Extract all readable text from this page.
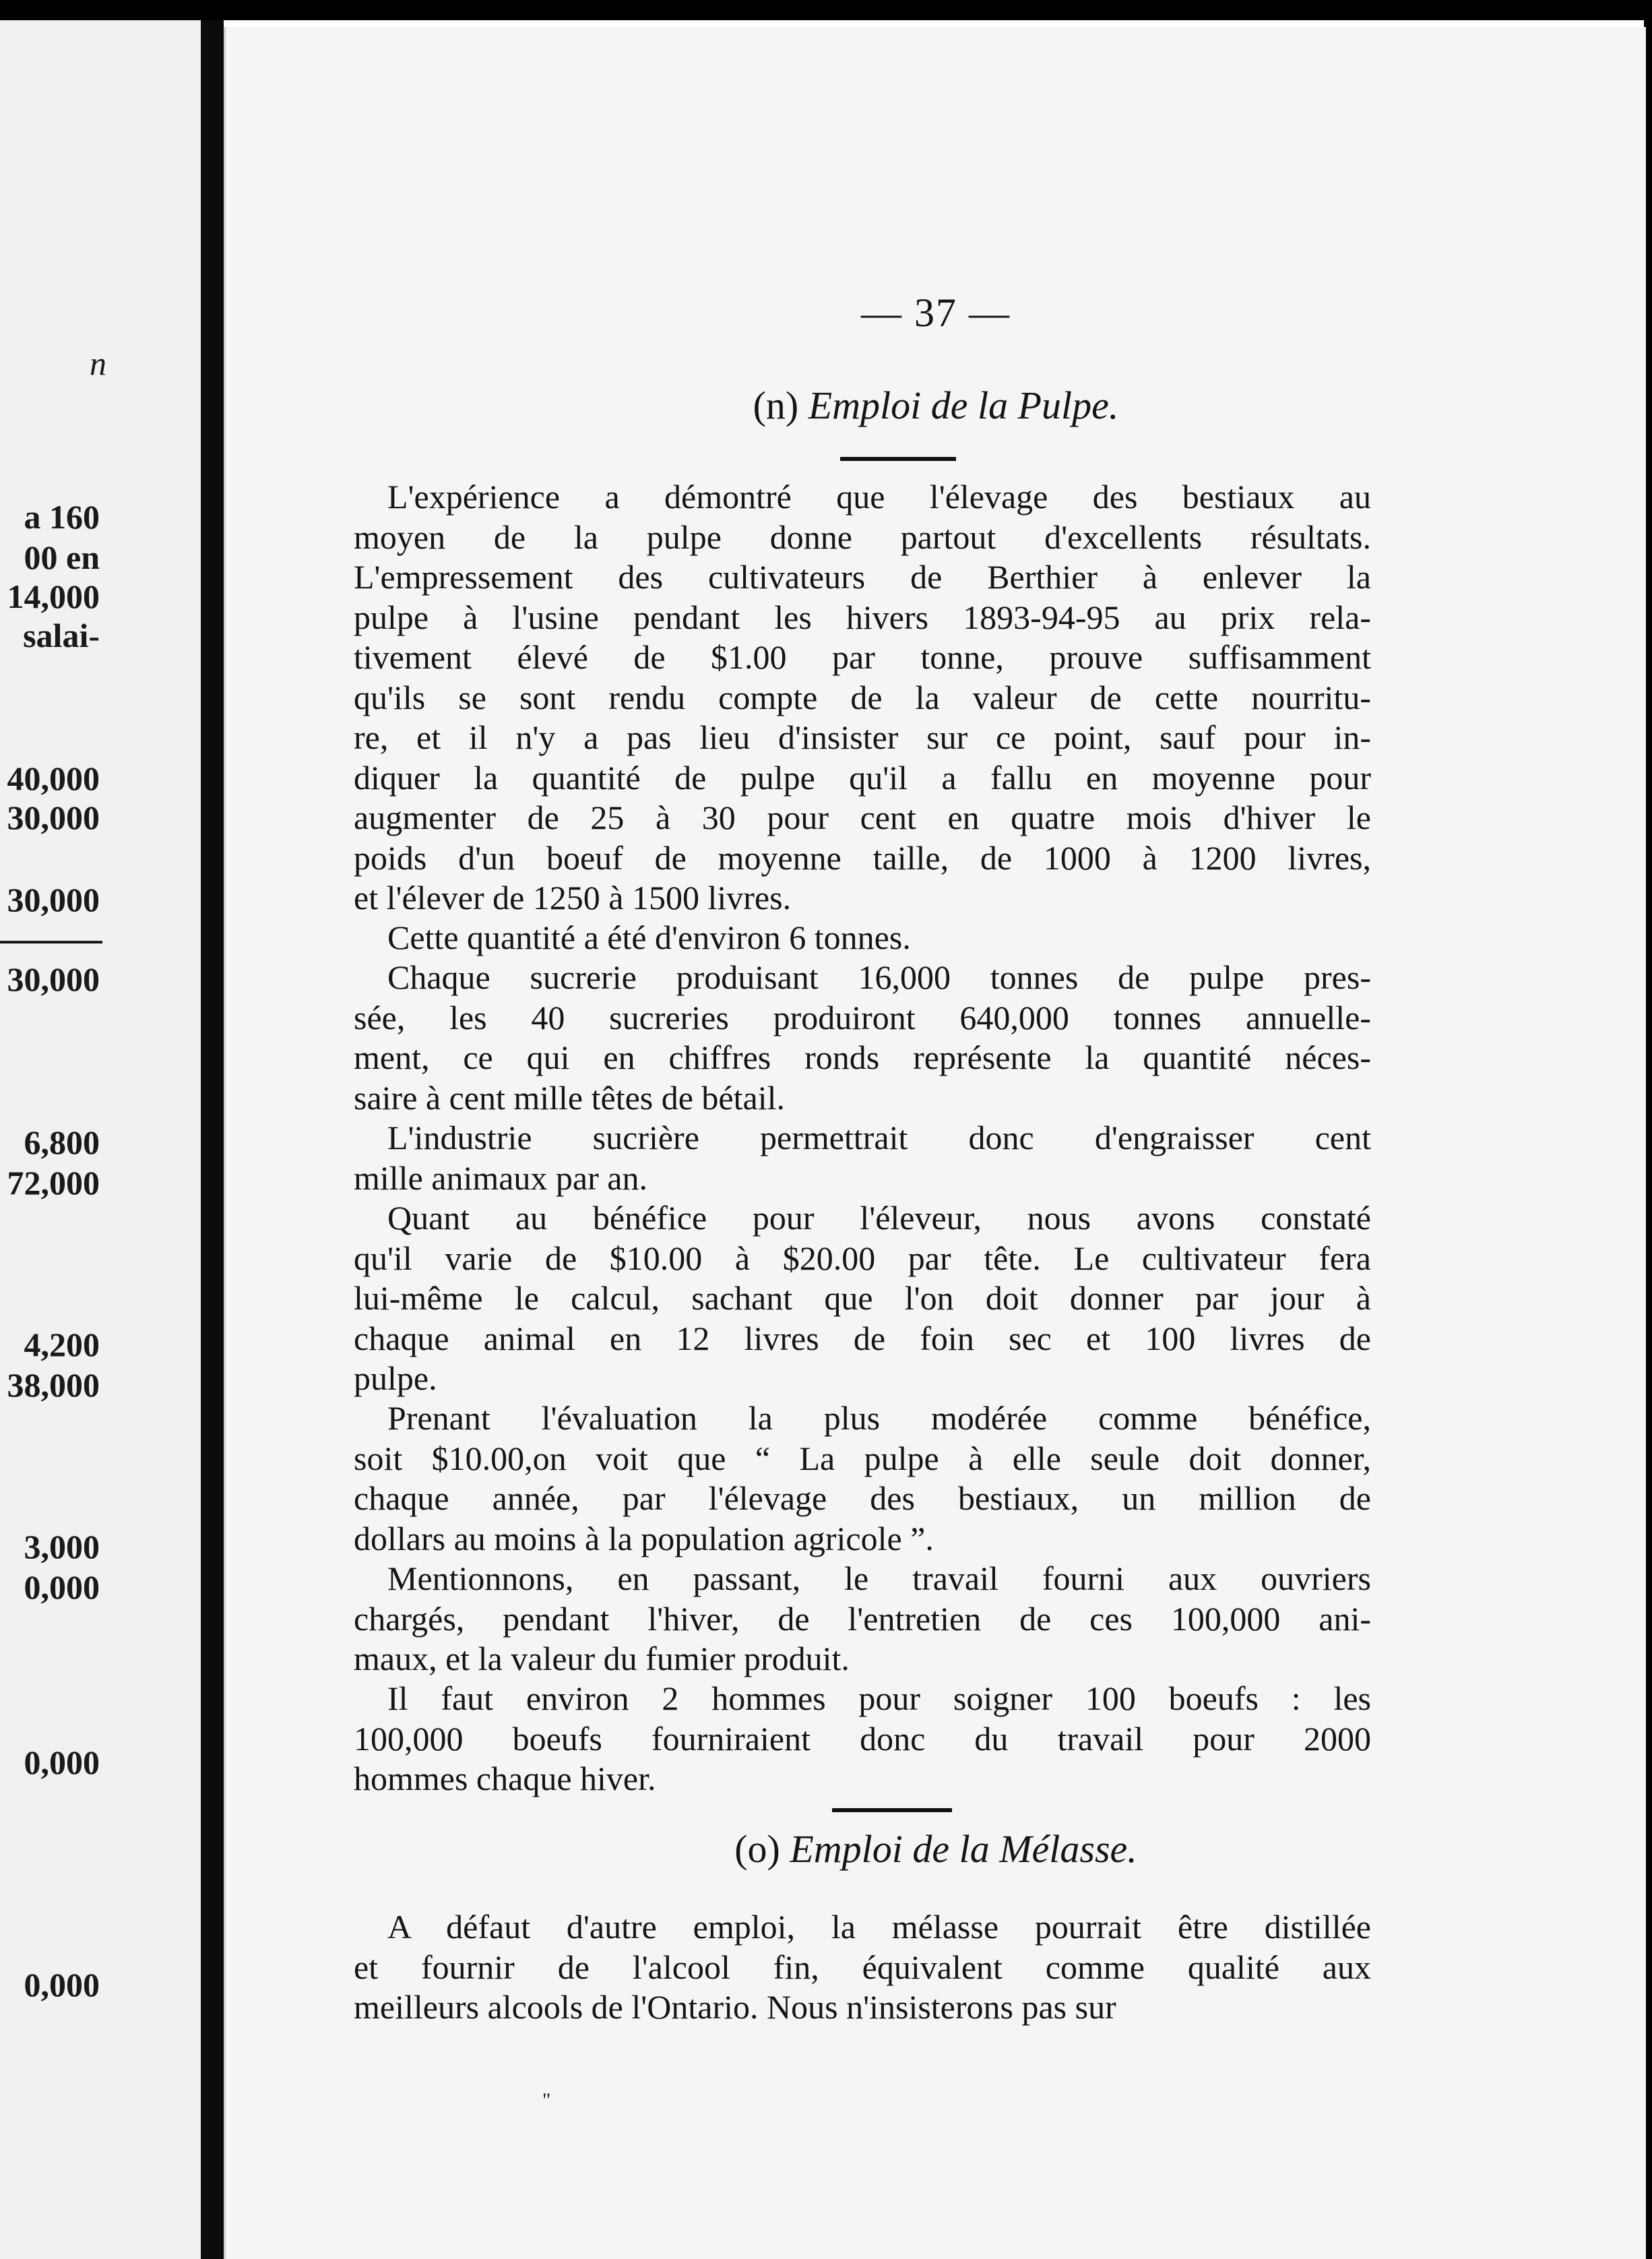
n
a 160
00 en
14,000
salai-
40,000
30,000
30,000
30,000
6,800
72,000
4,200
38,000
3,000
0,000
0,000
0,000
— 37 —
(n) Emploi de la Pulpe.
L'expérience a démontré que l'élevage des bestiaux au
moyen de la pulpe donne partout d'excellents résultats.
L'empressement des cultivateurs de Berthier à enlever la
pulpe à l'usine pendant les hivers 1893-94-95 au prix rela-
tivement élevé de $1.00 par tonne, prouve suffisamment
qu'ils se sont rendu compte de la valeur de cette nourritu-
re, et il n'y a pas lieu d'insister sur ce point, sauf pour in-
diquer la quantité de pulpe qu'il a fallu en moyenne pour
augmenter de 25 à 30 pour cent en quatre mois d'hiver le
poids d'un boeuf de moyenne taille, de 1000 à 1200 livres,
et l'élever de 1250 à 1500 livres.
Cette quantité a été d'environ 6 tonnes.
Chaque sucrerie produisant 16,000 tonnes de pulpe pres-
sée, les 40 sucreries produiront 640,000 tonnes annuelle-
ment, ce qui en chiffres ronds représente la quantité néces-
saire à cent mille têtes de bétail.
L'industrie sucrière permettrait donc d'engraisser cent
mille animaux par an.
Quant au bénéfice pour l'éleveur, nous avons constaté
qu'il varie de $10.00 à $20.00 par tête. Le cultivateur fera
lui-même le calcul, sachant que l'on doit donner par jour à
chaque animal en 12 livres de foin sec et 100 livres de
pulpe.
Prenant l'évaluation la plus modérée comme bénéfice,
soit $10.00,on voit que “ La pulpe à elle seule doit donner,
chaque année, par l'élevage des bestiaux, un million de
dollars au moins à la population agricole ”.
Mentionnons, en passant, le travail fourni aux ouvriers
chargés, pendant l'hiver, de l'entretien de ces 100,000 ani-
maux, et la valeur du fumier produit.
Il faut environ 2 hommes pour soigner 100 boeufs : les
100,000 boeufs fourniraient donc du travail pour 2000
hommes chaque hiver.
(o) Emploi de la Mélasse.
A défaut d'autre emploi, la mélasse pourrait être distillée
et fournir de l'alcool fin, équivalent comme qualité aux
meilleurs alcools de l'Ontario. Nous n'insisterons pas sur
"
